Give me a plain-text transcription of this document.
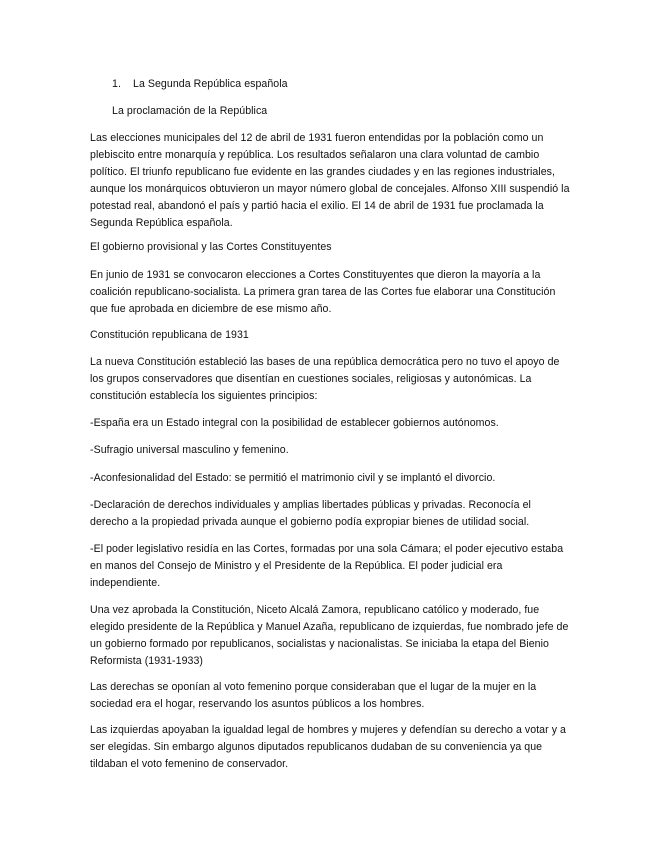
1. La Segunda República española

La proclamación de la República

Las elecciones municipales del 12 de abril de 1931 fueron entendidas por la población como un plebiscito entre monarquía y república. Los resultados señalaron una clara voluntad de cambio político. El triunfo republicano fue evidente en las grandes ciudades y en las regiones industriales, aunque los monárquicos obtuvieron un mayor número global de concejales. Alfonso XIII suspendió la potestad real, abandonó el país y partió hacia el exilio. El 14 de abril de 1931 fue proclamada la Segunda República española.

El gobierno provisional y las Cortes Constituyentes

En junio de 1931 se convocaron elecciones a Cortes Constituyentes que dieron la mayoría a la coalición republicano-socialista. La primera gran tarea de las Cortes fue elaborar una Constitución que fue aprobada en diciembre de ese mismo año.

Constitución republicana de 1931

La nueva Constitución estableció las bases de una república democrática pero no tuvo el apoyo de los grupos conservadores que disentían en cuestiones sociales, religiosas y autonómicas. La constitución establecía los siguientes principios:

-España era un Estado integral con la posibilidad de establecer gobiernos autónomos.

-Sufragio universal masculino y femenino.

-Aconfesionalidad del Estado: se permitió el matrimonio civil y se implantó el divorcio.

-Declaración de derechos individuales y amplias libertades públicas y privadas. Reconocía el derecho a la propiedad privada aunque el gobierno podía expropiar bienes de utilidad social.

-El poder legislativo residía en las Cortes, formadas por una sola Cámara; el poder ejecutivo estaba en manos del Consejo de Ministro y el Presidente de la República. El poder judicial era independiente.

Una vez aprobada la Constitución, Niceto Alcalá Zamora, republicano católico y moderado, fue elegido presidente de la República y Manuel Azaña, republicano de izquierdas, fue nombrado jefe de un gobierno formado por republicanos, socialistas y nacionalistas. Se iniciaba la etapa del Bienio Reformista (1931-1933)

Las derechas se oponían al voto femenino porque consideraban que el lugar de la mujer en la sociedad era el hogar, reservando los asuntos públicos a los hombres.

Las izquierdas apoyaban la igualdad legal de hombres y mujeres y defendían su derecho a votar y a ser elegidas. Sin embargo algunos diputados republicanos dudaban de su conveniencia ya que tildaban el voto femenino de conservador.
